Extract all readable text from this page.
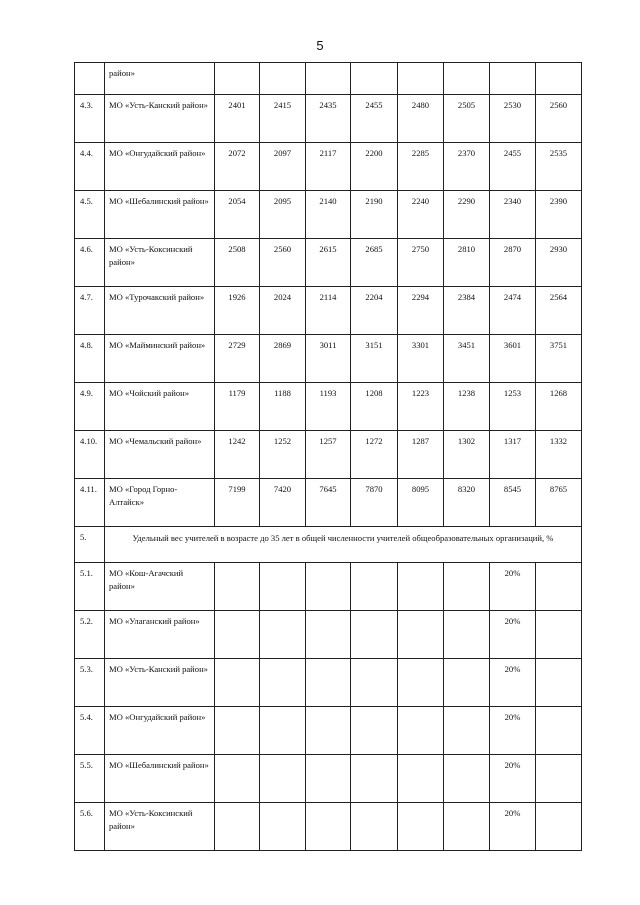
5
	район»								
4.3.	МО «Усть-Канский район»	2401	2415	2435	2455	2480	2505	2530	2560
4.4.	МО «Онгудайский район»	2072	2097	2117	2200	2285	2370	2455	2535
4.5.	МО «Шебалинский район»	2054	2095	2140	2190	2240	2290	2340	2390
4.6.	МО «Усть-Коксинский район»	2508	2560	2615	2685	2750	2810	2870	2930
4.7.	МО «Турочакский район»	1926	2024	2114	2204	2294	2384	2474	2564
4.8.	МО «Майминский район»	2729	2869	3011	3151	3301	3451	3601	3751
4.9.	МО «Чойский район»	1179	1188	1193	1208	1223	1238	1253	1268
4.10.	МО «Чемальский район»	1242	1252	1257	1272	1287	1302	1317	1332
4.11.	МО «Город Горно-Алтайск»	7199	7420	7645	7870	8095	8320	8545	8765
5.	Удельный вес учителей в возрасте до 35 лет в общей численности учителей общеобразовательных организаций, %								
5.1.	МО «Кош-Агачский район»							20%	
5.2.	МО «Улаганский район»							20%	
5.3.	МО «Усть-Канский район»							20%	
5.4.	МО «Онгудайский район»							20%	
5.5.	МО «Шебалинский район»							20%	
5.6.	МО «Усть-Коксинский район»							20%	
